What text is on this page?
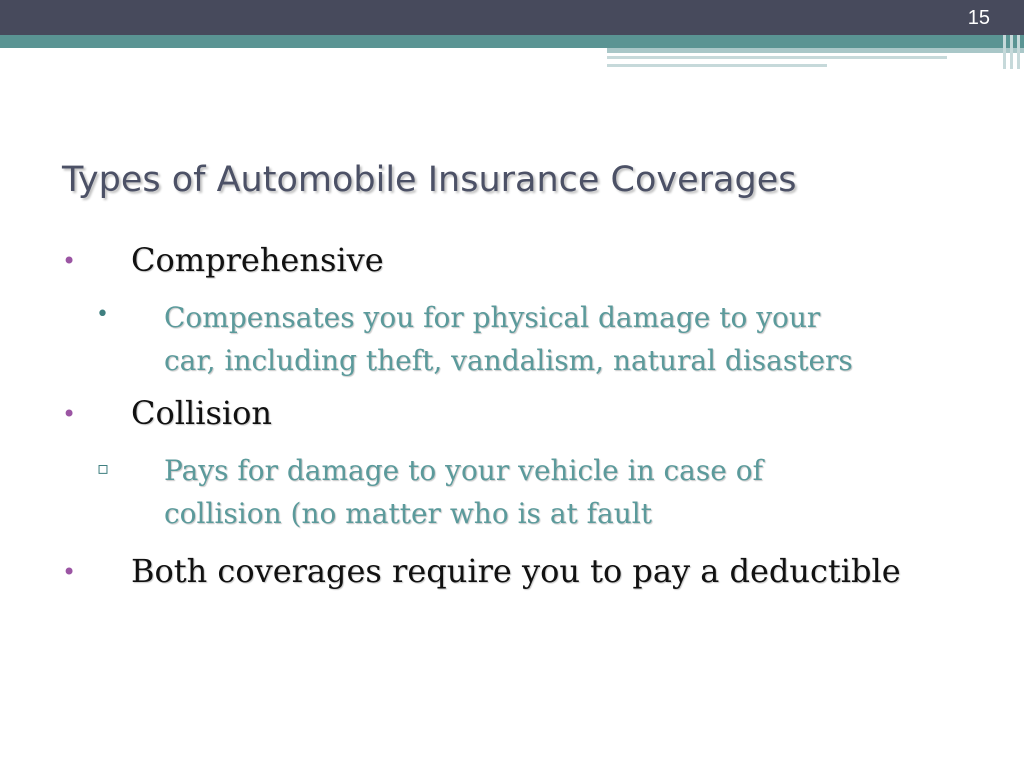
15
Types of Automobile Insurance Coverages
• Comprehensive
• Compensates you for physical damage to your
car, including theft, vandalism, natural disasters
• Collision
▫ Pays for damage to your vehicle in case of
collision (no matter who is at fault
• Both coverages require you to pay a deductible
